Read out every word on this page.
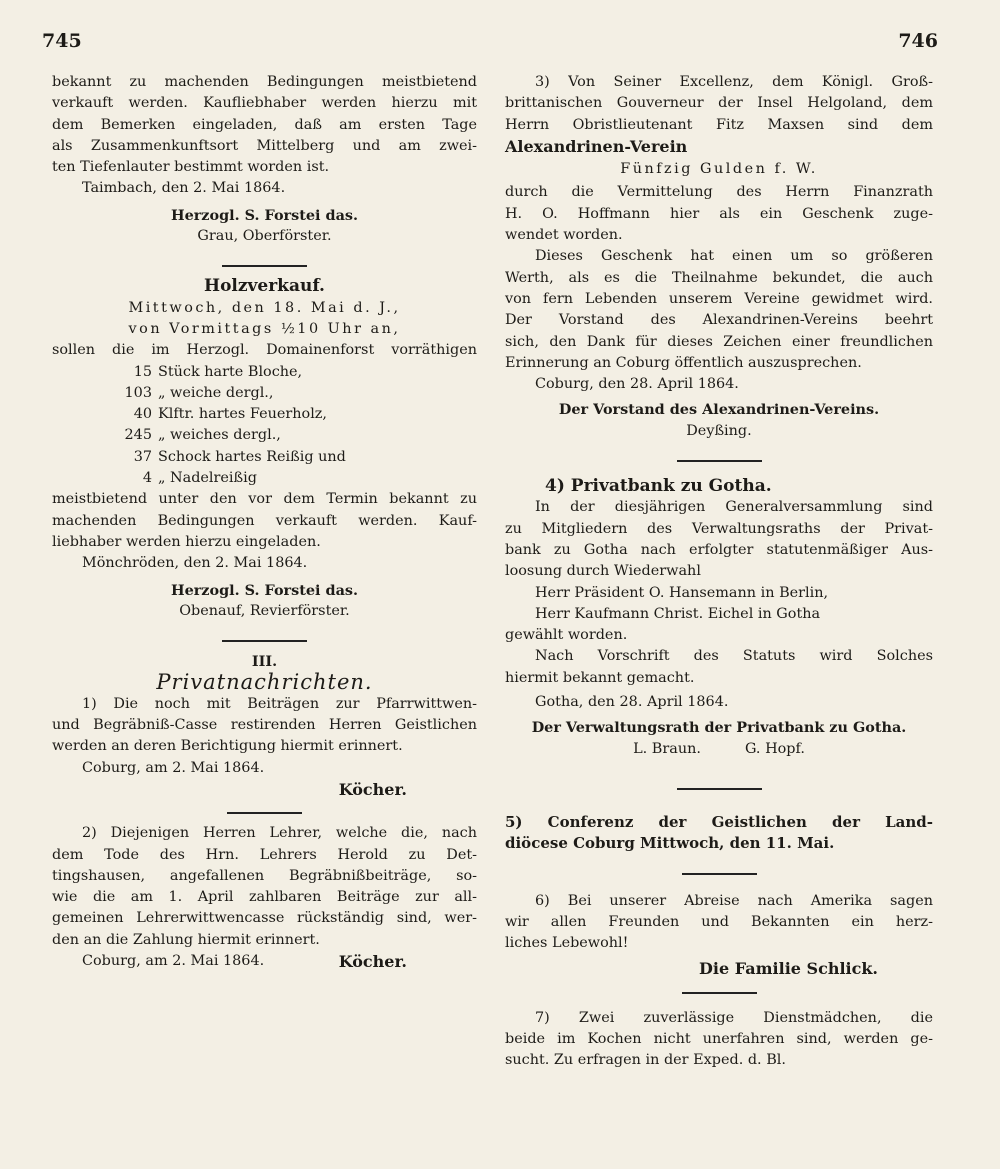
745	746

bekannt zu machenden Bedingungen meistbietend

verkauft werden. Kaufliebhaber werden hierzu mit

dem Bemerken eingeladen, daß am ersten Tage

als Zusammenkunftsort Mittelberg und am zwei-

ten Tiefenlauter bestimmt worden ist.

Taimbach, den 2. Mai 1864.

Herzogl. S. Forstei das.

Grau, Oberförster.

Holzverkauf.

Mittwoch, den 18. Mai d. J.,

von Vormittags ½10 Uhr an,

sollen die im Herzogl. Domainenforst vorräthigen

15 Stück harte Bloche,
103 „ weiche dergl.,
40 Klftr. hartes Feuerholz,
245 „ weiches dergl.,
37 Schock hartes Reißig und
4 „ Nadelreißig

meistbietend unter den vor dem Termin bekannt zu

machenden Bedingungen verkauft werden. Kauf-

liebhaber werden hierzu eingeladen.

Mönchröden, den 2. Mai 1864.

Herzogl. S. Forstei das.

Obenauf, Revierförster.

III.

Privatnachrichten.

1) Die noch mit Beiträgen zur Pfarrwittwen-

und Begräbniß-Casse restirenden Herren Geistlichen

werden an deren Berichtigung hiermit erinnert.

Coburg, am 2. Mai 1864.

Köcher.

2) Diejenigen Herren Lehrer, welche die, nach

dem Tode des Hrn. Lehrers Herold zu Det-

tingshausen, angefallenen Begräbnißbeiträge, so-

wie die am 1. April zahlbaren Beiträge zur all-

gemeinen Lehrerwittwencasse rückständig sind, wer-

den an die Zahlung hiermit erinnert.

Coburg, am 2. Mai 1864.	Köcher.

3) Von Seiner Excellenz, dem Königl. Groß-

brittanischen Gouverneur der Insel Helgoland, dem

Herrn Obristlieutenant Fitz Maxsen sind dem

Alexandrinen-Verein

Fünfzig Gulden f. W.

durch die Vermittelung des Herrn Finanzrath

H. O. Hoffmann hier als ein Geschenk zuge-

wendet worden.

Dieses Geschenk hat einen um so größeren

Werth, als es die Theilnahme bekundet, die auch

von fern Lebenden unserem Vereine gewidmet wird.

Der Vorstand des Alexandrinen-Vereins beehrt

sich, den Dank für dieses Zeichen einer freundlichen

Erinnerung an Coburg öffentlich auszusprechen.

Coburg, den 28. April 1864.

Der Vorstand des Alexandrinen-Vereins.

Deyßing.

4) Privatbank zu Gotha.

In der diesjährigen Generalversammlung sind

zu Mitgliedern des Verwaltungsraths der Privat-

bank zu Gotha nach erfolgter statutenmäßiger Aus-

loosung durch Wiederwahl

Herr Präsident O. Hansemann in Berlin,

Herr Kaufmann Christ. Eichel in Gotha

gewählt worden.

Nach Vorschrift des Statuts wird Solches

hiermit bekannt gemacht.

Gotha, den 28. April 1864.

Der Verwaltungsrath der Privatbank zu Gotha.

L. Braun.	G. Hopf.

5) Conferenz der Geistlichen der Land-

diöcese Coburg Mittwoch, den 11. Mai.

6) Bei unserer Abreise nach Amerika sagen

wir allen Freunden und Bekannten ein herz-

liches Lebewohl!

Die Familie Schlick.

7) Zwei zuverlässige Dienstmädchen, die

beide im Kochen nicht unerfahren sind, werden ge-

sucht. Zu erfragen in der Exped. d. Bl.
